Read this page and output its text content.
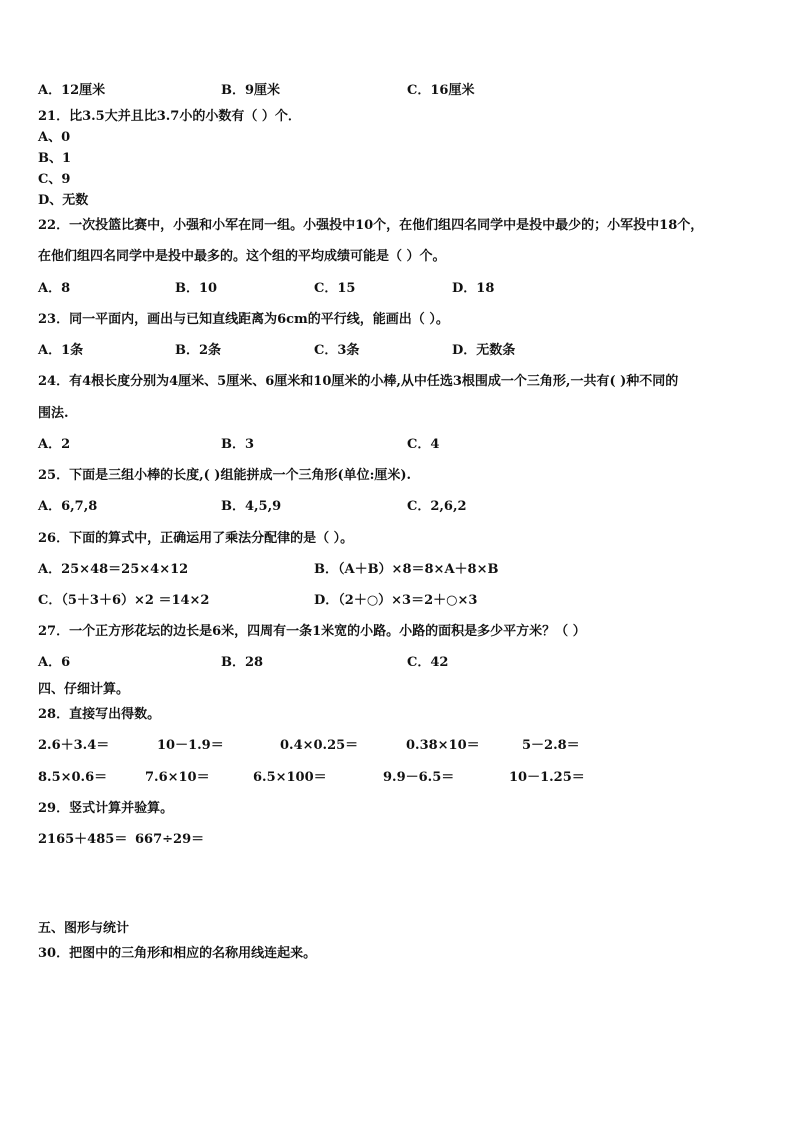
A．12厘米	B．9厘米	C．16厘米
21．比3.5大并且比3.7小的小数有（ ）个．
A、0
B、1
C、9
D、无数
22．一次投篮比赛中，小强和小军在同一组。小强投中10个，在他们组四名同学中是投中最少的；小军投中18个，
在他们组四名同学中是投中最多的。这个组的平均成绩可能是（ ）个。
A．8	B．10	C．15	D．18
23．同一平面内，画出与已知直线距离为6cm的平行线，能画出（ ）。
A．1条	B．2条	C．3条	D．无数条
24．有4根长度分别为4厘米、5厘米、6厘米和10厘米的小棒,从中任选3根围成一个三角形,一共有( )种不同的
围法.
A．2	B．3	C．4
25．下面是三组小棒的长度,( )组能拼成一个三角形(单位:厘米).
A．6,7,8	B．4,5,9	C．2,6,2
26．下面的算式中，正确运用了乘法分配律的是（ ）。
A．25×48＝25×4×12	B．（A＋B）×8＝8×A＋8×B
C．（5＋3＋6）×2 ＝14×2	D．（2＋○）×3＝2＋○×3
27．一个正方形花坛的边长是6米，四周有一条1米宽的小路。小路的面积是多少平方米？（ ）
A．6	B．28	C．42
四、仔细计算。
28．直接写出得数。
2.6＋3.4＝	10－1.9＝	0.4×0.25＝	0.38×10＝	5－2.8＝
8.5×0.6＝	7.6×10＝	6.5×100＝	9.9－6.5＝	10－1.25＝
29．竖式计算并验算。
2165＋485＝ 667÷29＝
五、图形与统计
30．把图中的三角形和相应的名称用线连起来。
